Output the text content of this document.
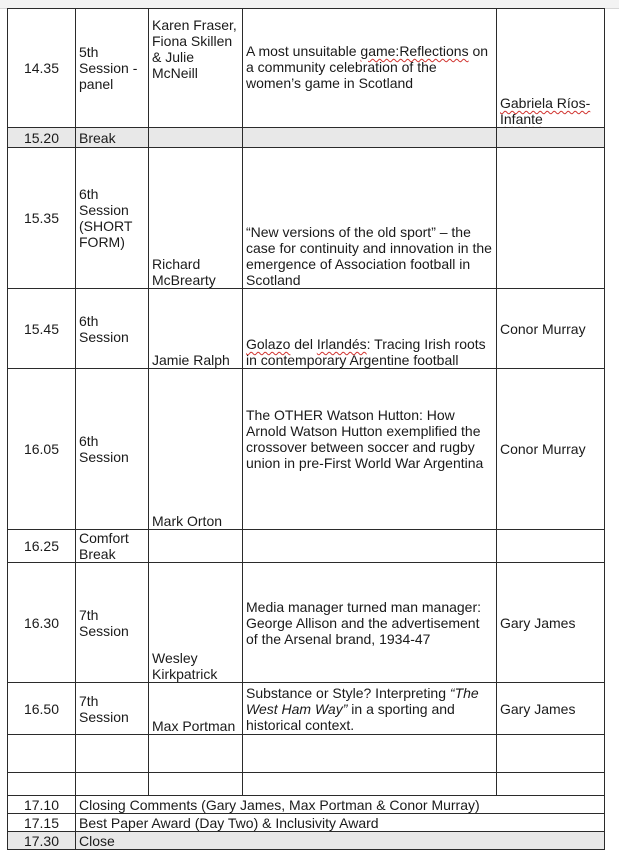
14.35	5th Session - panel	Karen Fraser, Fiona Skillen & Julie McNeill	A most unsuitable game:Reflections on a community celebration of the women’s game in Scotland	Gabriela Ríos-Infante
15.20	Break			
15.35	6th Session (SHORT FORM)	Richard McBrearty	“New versions of the old sport” – the case for continuity and innovation in the emergence of Association football in Scotland	
15.45	6th Session	Jamie Ralph	Golazo del Irlandés: Tracing Irish roots in contemporary Argentine football	Conor Murray
16.05	6th Session	Mark Orton	The OTHER Watson Hutton: How Arnold Watson Hutton exemplified the crossover between soccer and rugby union in pre-First World War Argentina	Conor Murray
16.25	Comfort Break			
16.30	7th Session	Wesley Kirkpatrick	Media manager turned man manager: George Allison and the advertisement of the Arsenal brand, 1934-47	Gary James
16.50	7th Session	Max Portman	Substance or Style? Interpreting “The West Ham Way” in a sporting and historical context.	Gary James

17.10	Closing Comments (Gary James, Max Portman & Conor Murray)			
17.15	Best Paper Award (Day Two) & Inclusivity Award			
17.30	Close			
